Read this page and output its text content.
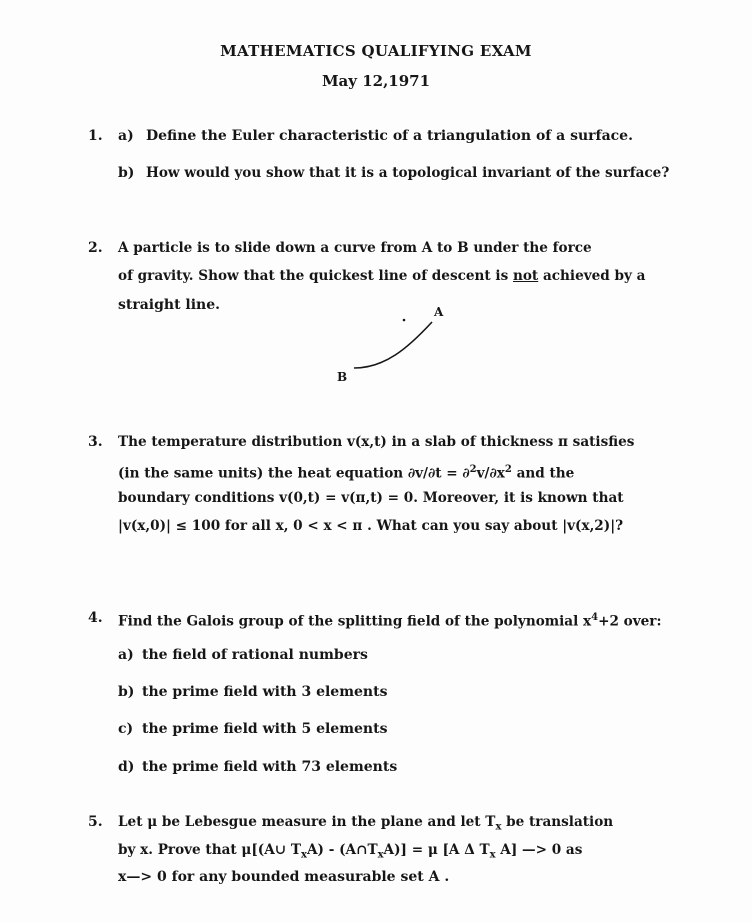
MATHEMATICS QUALIFYING EXAM
May 12,1971
1. a) Define the Euler characteristic of a triangulation of a surface.
b) How would you show that it is a topological invariant of the surface?
2. A particle is to slide down a curve from A to B under the force
of gravity. Show that the quickest line of descent is not achieved by a
straight line.	A
B
3. The temperature distribution v(x,t) in a slab of thickness π satisfies
(in the same units) the heat equation $\partial v/\partial t = \partial^2v/\partial x^2$ and the
boundary conditions v(0,t) = v(π,t) = 0. Moreover, it is known that
|v(x,0)| ≤ 100 for all x, 0 < x < π . What can you say about |v(x,2)|?
4. Find the Galois group of the splitting field of the polynomial $x^4+2$ over:
a) the field of rational numbers
b) the prime field with 3 elements
c) the prime field with 5 elements
d) the prime field with 73 elements
5. Let μ be Lebesgue measure in the plane and let $T_x$ be translation
by x. Prove that μ[(A∪ $T_xA$) - $(A\cap T_xA)] = \mu$ [A Δ $T_x$ A] —> 0 as
x—> 0 for any bounded measurable set A .
